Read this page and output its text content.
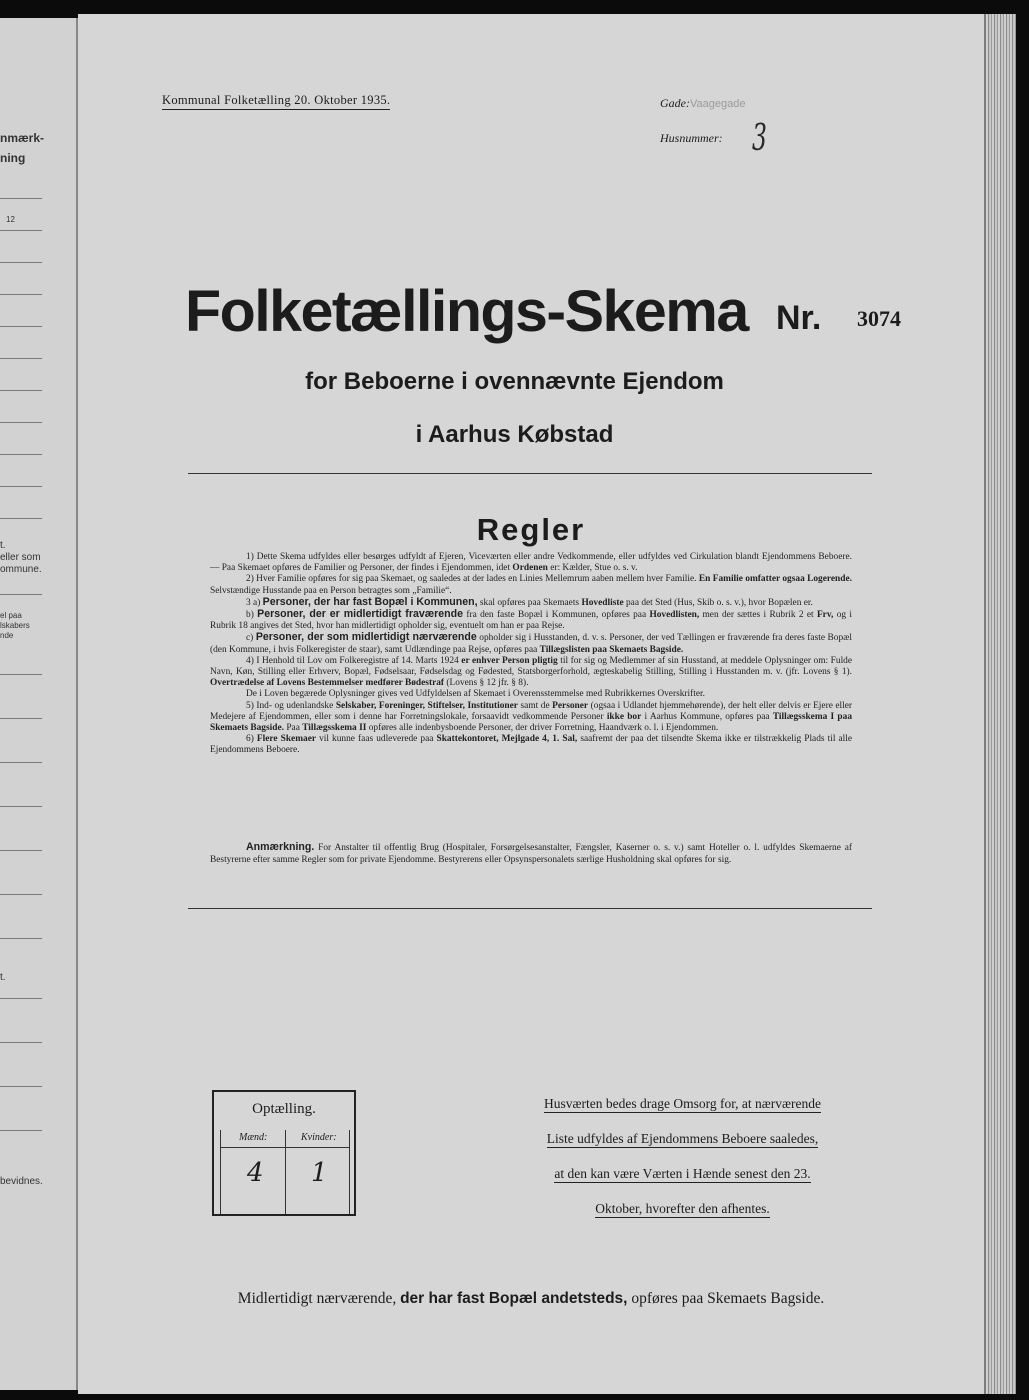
nmærk-
ning
12
t.
eller som
ommune.
el paa
lskabers
nde
t.
bevidnes.
Kommunal Folketælling 20. Oktober 1935.	Gade:Vaagegade
Husnummer: 3
Folketællings-Skema Nr. 3074
for Beboerne i ovennævnte Ejendom
i Aarhus Købstad
Regler

1) Dette Skema udfyldes eller besørges udfyldt af Ejeren, Viceværten eller andre Vedkommende, eller udfyldes ved Cirkulation blandt Ejendommens Beboere. — Paa Skemaet opføres de Familier og Personer, der findes i Ejendommen, idet Ordenen er: Kælder, Stue o. s. v.

2) Hver Familie opføres for sig paa Skemaet, og saaledes at der lades en Linies Mellemrum aaben mellem hver Familie. En Familie omfatter ogsaa Logerende. Selvstændige Husstande paa en Person betragtes som „Familie“.

3 a) Personer, der har fast Bopæl i Kommunen, skal opføres paa Skemaets Hovedliste paa det Sted (Hus, Skib o. s. v.), hvor Bopælen er.

b) Personer, der er midlertidigt fraværende fra den faste Bopæl i Kommunen, opføres paa Hovedlisten, men der sættes i Rubrik 2 et Frv, og i Rubrik 18 angives det Sted, hvor han midlertidigt opholder sig, eventuelt om han er paa Rejse.

c) Personer, der som midlertidigt nærværende opholder sig i Husstanden, d. v. s. Personer, der ved Tællingen er fraværende fra deres faste Bopæl (den Kommune, i hvis Folkeregister de staar), samt Udlændinge paa Rejse, opføres paa Tillægslisten paa Skemaets Bagside.

4) I Henhold til Lov om Folkeregistre af 14. Marts 1924 er enhver Person pligtig til for sig og Medlemmer af sin Husstand, at meddele Oplysninger om: Fulde Navn, Køn, Stilling eller Erhverv, Bopæl, Fødselsaar, Fødselsdag og Fødested, Statsborgerforhold, ægteskabelig Stilling, Stilling i Husstanden m. v. (jfr. Lovens § 1). Overtrædelse af Lovens Bestemmelser medfører Bødestraf (Lovens § 12 jfr. § 8).

De i Loven begærede Oplysninger gives ved Udfyldelsen af Skemaet i Overensstemmelse med Rubrikkernes Overskrifter.

5) Ind- og udenlandske Selskaber, Foreninger, Stiftelser, Institutioner samt de Personer (ogsaa i Udlandet hjemmehørende), der helt eller delvis er Ejere eller Medejere af Ejendommen, eller som i denne har Forretningslokale, forsaavidt vedkommende Personer ikke bor i Aarhus Kommune, opføres paa Tillægsskema I paa Skemaets Bagside. Paa Tillægsskema II opføres alle indenbysboende Personer, der driver Forretning, Haandværk o. l. i Ejendommen.

6) Flere Skemaer vil kunne faas udleverede paa Skattekontoret, Mejlgade 4, 1. Sal, saafremt der paa det tilsendte Skema ikke er tilstrækkelig Plads til alle Ejendommens Beboere.

Anmærkning. For Anstalter til offentlig Brug (Hospitaler, Forsørgelsesanstalter, Fængsler, Kaserner o. s. v.) samt Hoteller o. l. udfyldes Skemaerne af Bestyrerne efter samme Regler som for private Ejendomme. Bestyrerens eller Opsynspersonalets særlige Husholdning skal opføres for sig.
Optælling.
Mænd:	Kvinder:
4 1
Husværten bedes drage Omsorg for, at nærværende
Liste udfyldes af Ejendommens Beboere saaledes,
at den kan være Værten i Hænde senest den 23.
Oktober, hvorefter den afhentes.
Midlertidigt nærværende, der har fast Bopæl andetsteds, opføres paa Skemaets Bagside.
